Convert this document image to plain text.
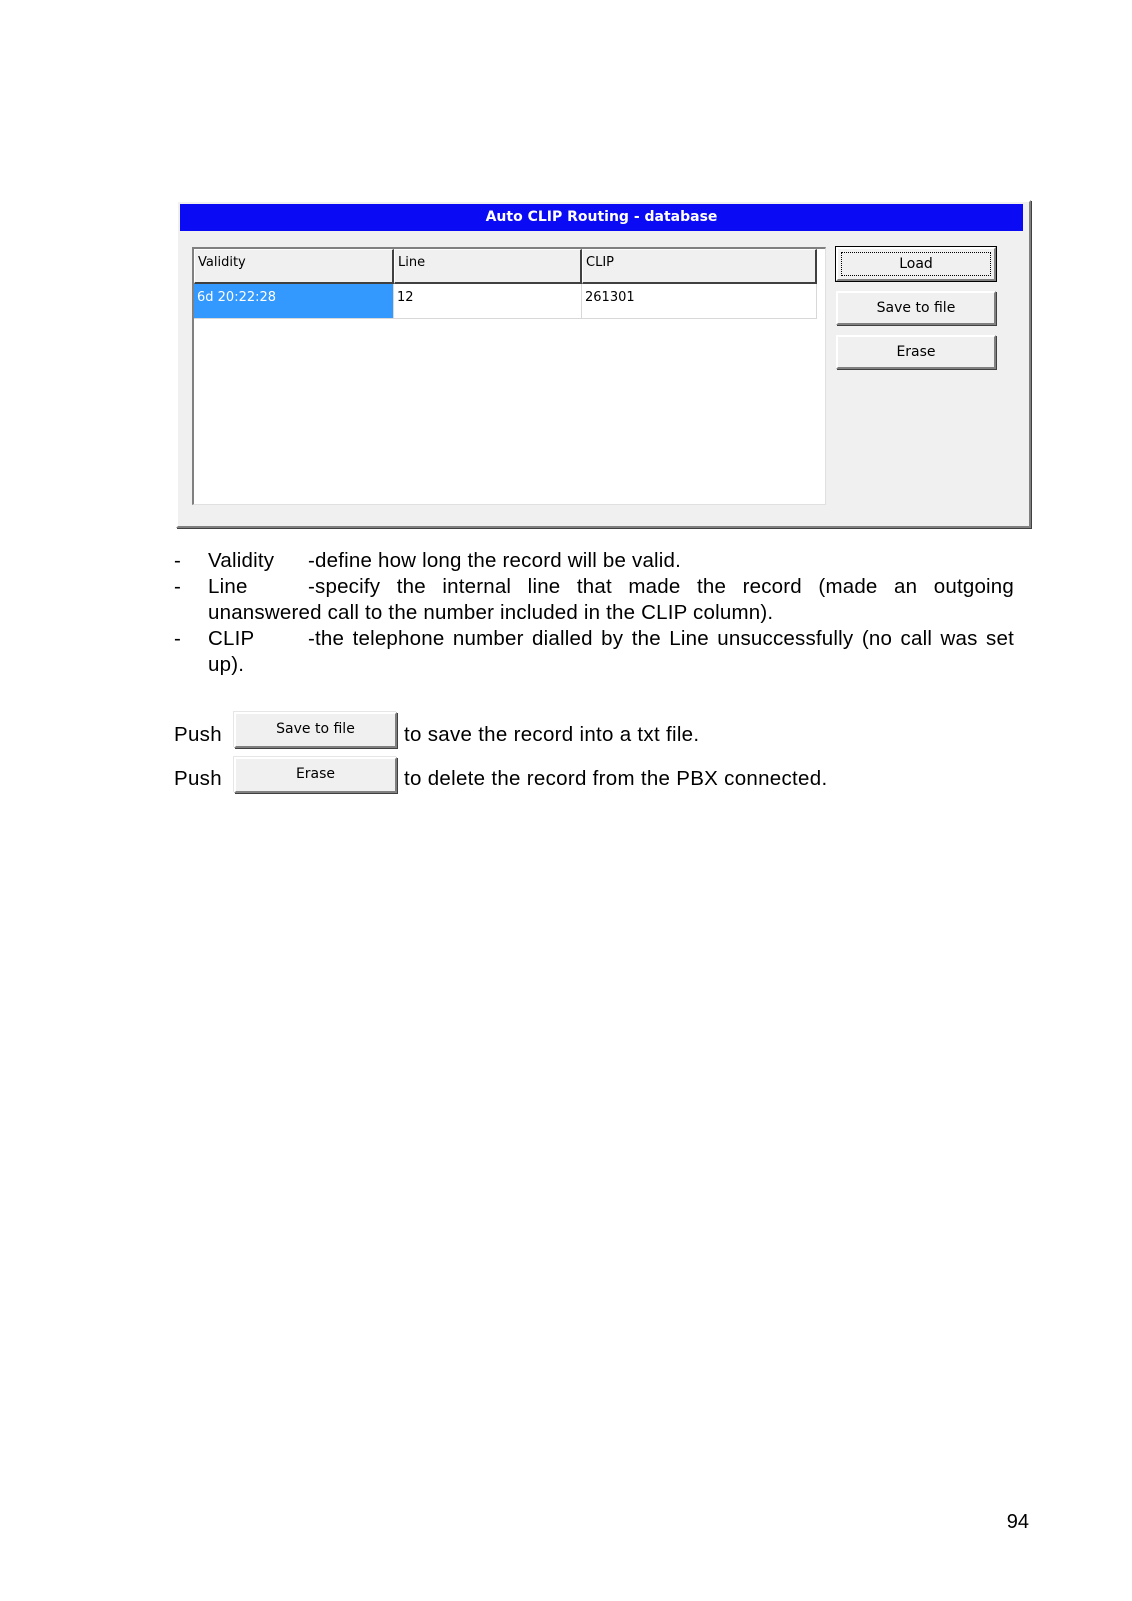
Auto CLIP Routing - database
Validity	Line	CLIP
6d 20:22:28	12	261301
Load
Save to file
Erase
- Validity -define how long the record will be valid.
- Line	-specify the internal line that made the record (made an outgoing unanswered call to the number included in the CLIP column).
- CLIP	-the telephone number dialled by the Line unsuccessfully (no call was set up).
Push	to save the record into a txt file.
Save to file
Push	to delete the record from the PBX connected.
Erase
94
